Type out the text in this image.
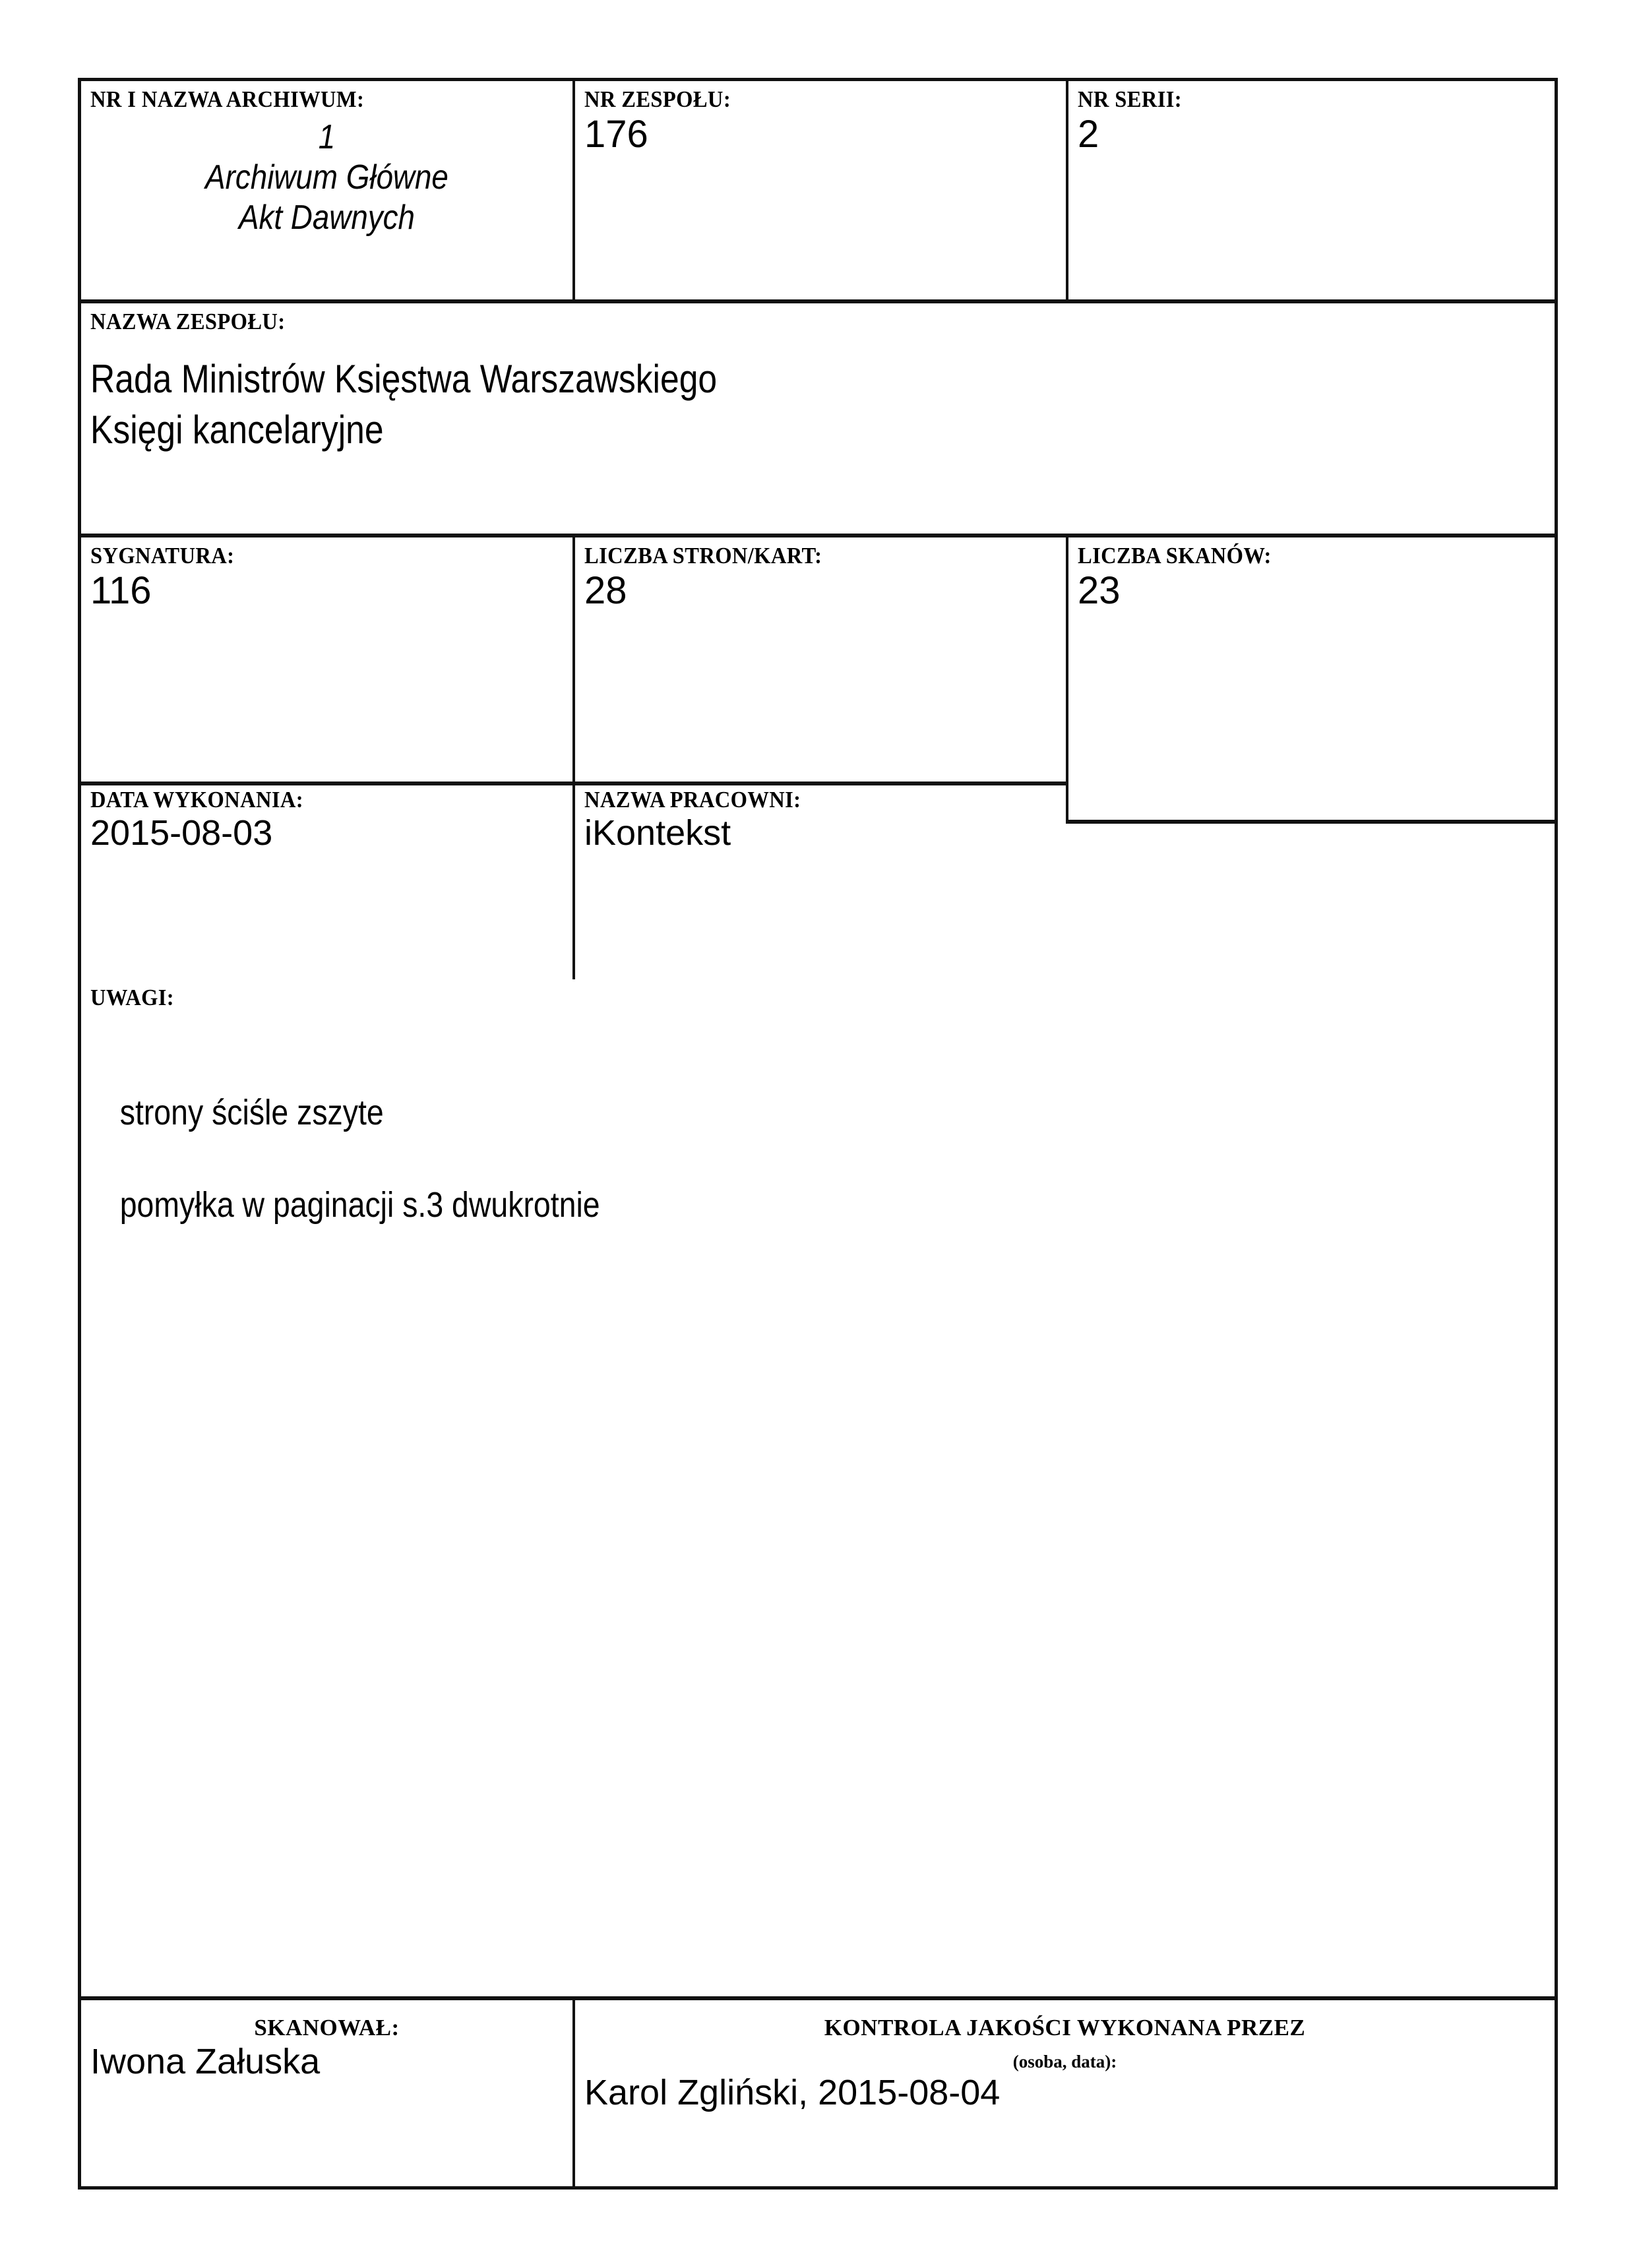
NR I NAZWA ARCHIWUM:
1
Archiwum Główne
Akt Dawnych
NR ZESPOŁU:
176
NR SERII:
2
NAZWA ZESPOŁU:
Rada Ministrów Księstwa Warszawskiego
Księgi kancelaryjne
SYGNATURA:
116
LICZBA STRON/KART:
28
LICZBA SKANÓW:
23
DATA WYKONANIA:
2015-08-03
NAZWA PRACOWNI:
iKontekst
UWAGI:

strony ściśle zszyte

pomyłka w paginacji s.3 dwukrotnie

SKANOWAŁ:
Iwona Załuska
KONTROLA JAKOŚCI WYKONANA PRZEZ
(osoba, data):
Karol Zgliński, 2015-08-04
